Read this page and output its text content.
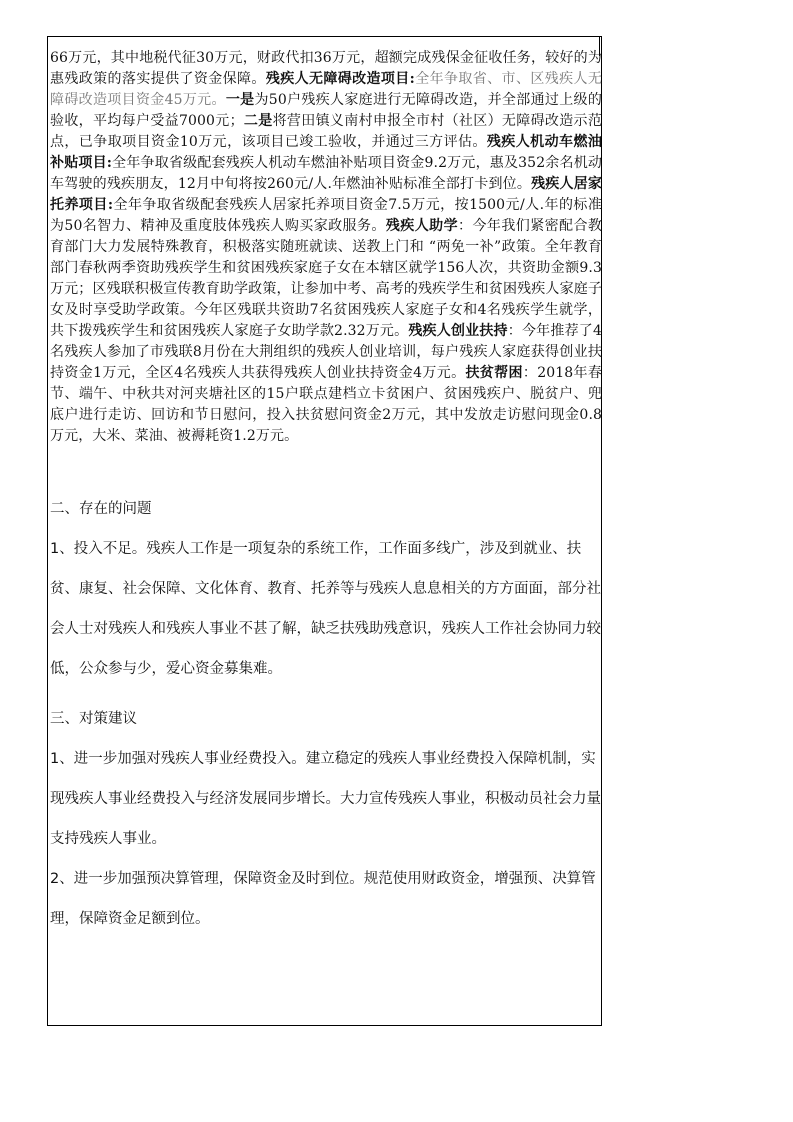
66万元，其中地税代征30万元，财政代扣36万元，超额完成残保金征收任务，较好的为惠残政策的落实提供了资金保障。残疾人无障碍改造项目:全年争取省、市、区残疾人无障碍改造项目资金45万元。一是为50户残疾人家庭进行无障碍改造，并全部通过上级的验收，平均每户受益7000元；二是将营田镇义南村申报全市村（社区）无障碍改造示范点，已争取项目资金10万元，该项目已竣工验收，并通过三方评估。残疾人机动车燃油补贴项目:全年争取省级配套残疾人机动车燃油补贴项目资金9.2万元，惠及352余名机动车驾驶的残疾朋友，12月中旬将按260元/人.年燃油补贴标准全部打卡到位。残疾人居家托养项目:全年争取省级配套残疾人居家托养项目资金7.5万元，按1500元/人.年的标准为50名智力、精神及重度肢体残疾人购买家政服务。残疾人助学：今年我们紧密配合教育部门大力发展特殊教育，积极落实随班就读、送教上门和 “两免一补”政策。全年教育部门春秋两季资助残疾学生和贫困残疾家庭子女在本辖区就学156人次，共资助金额9.3万元；区残联积极宣传教育助学政策，让参加中考、高考的残疾学生和贫困残疾人家庭子女及时享受助学政策。今年区残联共资助7名贫困残疾人家庭子女和4名残疾学生就学，共下拨残疾学生和贫困残疾人家庭子女助学款2.32万元。残疾人创业扶持：今年推荐了4名残疾人参加了市残联8月份在大荆组织的残疾人创业培训，每户残疾人家庭获得创业扶持资金1万元，全区4名残疾人共获得残疾人创业扶持资金4万元。扶贫帮困：2018年春节、端午、中秋共对河夹塘社区的15户联点建档立卡贫困户、贫困残疾户、脱贫户、兜底户进行走访、回访和节日慰问，投入扶贫慰问资金2万元，其中发放走访慰问现金0.8万元，大米、菜油、被褥耗资1.2万元。

二、存在的问题

1、投入不足。残疾人工作是一项复杂的系统工作，工作面多线广，涉及到就业、扶贫、康复、社会保障、文化体育、教育、托养等与残疾人息息相关的方方面面，部分社会人士对残疾人和残疾人事业不甚了解，缺乏扶残助残意识，残疾人工作社会协同力较低，公众参与少，爱心资金募集难。

三、对策建议

1、进一步加强对残疾人事业经费投入。建立稳定的残疾人事业经费投入保障机制，实现残疾人事业经费投入与经济发展同步增长。大力宣传残疾人事业，积极动员社会力量支持残疾人事业。

2、进一步加强预决算管理，保障资金及时到位。规范使用财政资金，增强预、决算管理，保障资金足额到位。
